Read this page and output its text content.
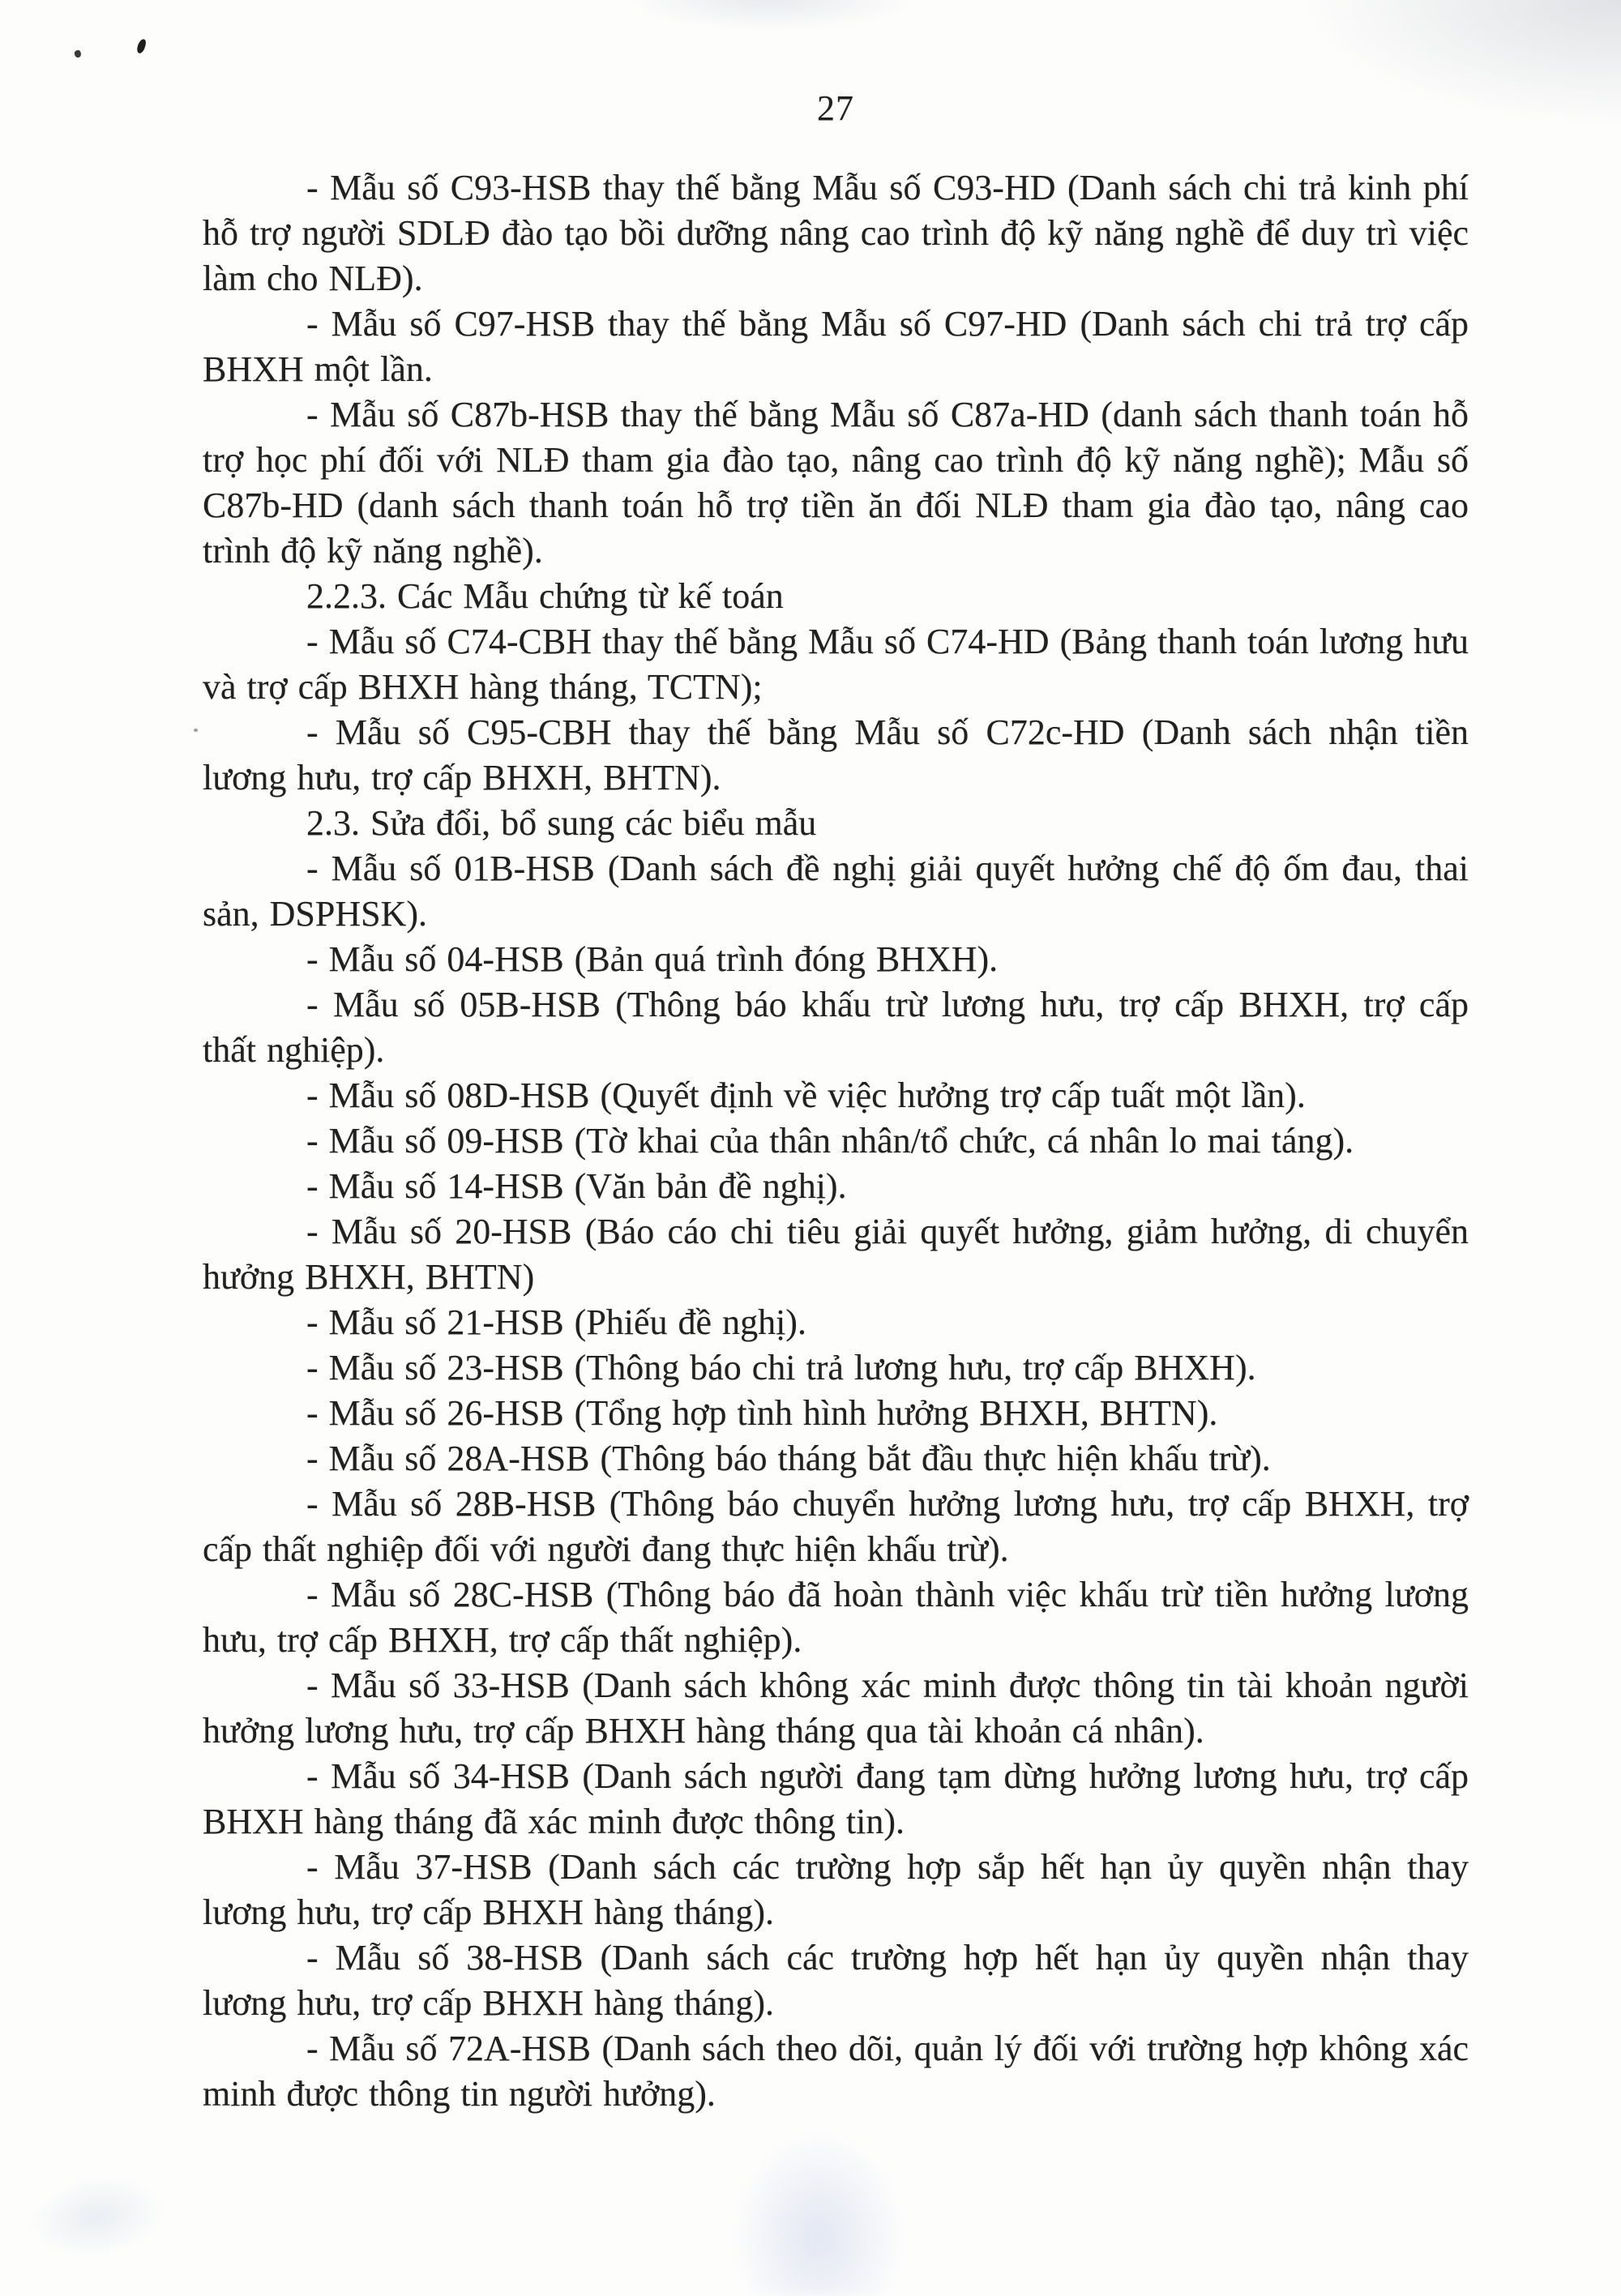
27

- Mẫu số C93-HSB thay thế bằng Mẫu số C93-HD (Danh sách chi trả kinh phí hỗ trợ người SDLĐ đào tạo bồi dưỡng nâng cao trình độ kỹ năng nghề để duy trì việc làm cho NLĐ).

- Mẫu số C97-HSB thay thế bằng Mẫu số C97-HD (Danh sách chi trả trợ cấp BHXH một lần.

- Mẫu số C87b-HSB thay thế bằng Mẫu số C87a-HD (danh sách thanh toán hỗ trợ học phí đối với NLĐ tham gia đào tạo, nâng cao trình độ kỹ năng nghề); Mẫu số C87b-HD (danh sách thanh toán hỗ trợ tiền ăn đối NLĐ tham gia đào tạo, nâng cao trình độ kỹ năng nghề).

2.2.3. Các Mẫu chứng từ kế toán

- Mẫu số C74-CBH thay thế bằng Mẫu số C74-HD (Bảng thanh toán lương hưu và trợ cấp BHXH hàng tháng, TCTN);

- Mẫu số C95-CBH thay thế bằng Mẫu số C72c-HD (Danh sách nhận tiền lương hưu, trợ cấp BHXH, BHTN).

2.3. Sửa đổi, bổ sung các biểu mẫu

- Mẫu số 01B-HSB (Danh sách đề nghị giải quyết hưởng chế độ ốm đau, thai sản, DSPHSK).

- Mẫu số 04-HSB (Bản quá trình đóng BHXH).

- Mẫu số 05B-HSB (Thông báo khấu trừ lương hưu, trợ cấp BHXH, trợ cấp thất nghiệp).

- Mẫu số 08D-HSB (Quyết định về việc hưởng trợ cấp tuất một lần).

- Mẫu số 09-HSB (Tờ khai của thân nhân/tổ chức, cá nhân lo mai táng).

- Mẫu số 14-HSB (Văn bản đề nghị).

- Mẫu số 20-HSB (Báo cáo chi tiêu giải quyết hưởng, giảm hưởng, di chuyển hưởng BHXH, BHTN)

- Mẫu số 21-HSB (Phiếu đề nghị).

- Mẫu số 23-HSB (Thông báo chi trả lương hưu, trợ cấp BHXH).

- Mẫu số 26-HSB (Tổng hợp tình hình hưởng BHXH, BHTN).

- Mẫu số 28A-HSB (Thông báo tháng bắt đầu thực hiện khấu trừ).

- Mẫu số 28B-HSB (Thông báo chuyển hưởng lương hưu, trợ cấp BHXH, trợ cấp thất nghiệp đối với người đang thực hiện khấu trừ).

- Mẫu số 28C-HSB (Thông báo đã hoàn thành việc khấu trừ tiền hưởng lương hưu, trợ cấp BHXH, trợ cấp thất nghiệp).

- Mẫu số 33-HSB (Danh sách không xác minh được thông tin tài khoản người hưởng lương hưu, trợ cấp BHXH hàng tháng qua tài khoản cá nhân).

- Mẫu số 34-HSB (Danh sách người đang tạm dừng hưởng lương hưu, trợ cấp BHXH hàng tháng đã xác minh được thông tin).

- Mẫu 37-HSB (Danh sách các trường hợp sắp hết hạn ủy quyền nhận thay lương hưu, trợ cấp BHXH hàng tháng).

- Mẫu số 38-HSB (Danh sách các trường hợp hết hạn ủy quyền nhận thay lương hưu, trợ cấp BHXH hàng tháng).

- Mẫu số 72A-HSB (Danh sách theo dõi, quản lý đối với trường hợp không xác minh được thông tin người hưởng).
